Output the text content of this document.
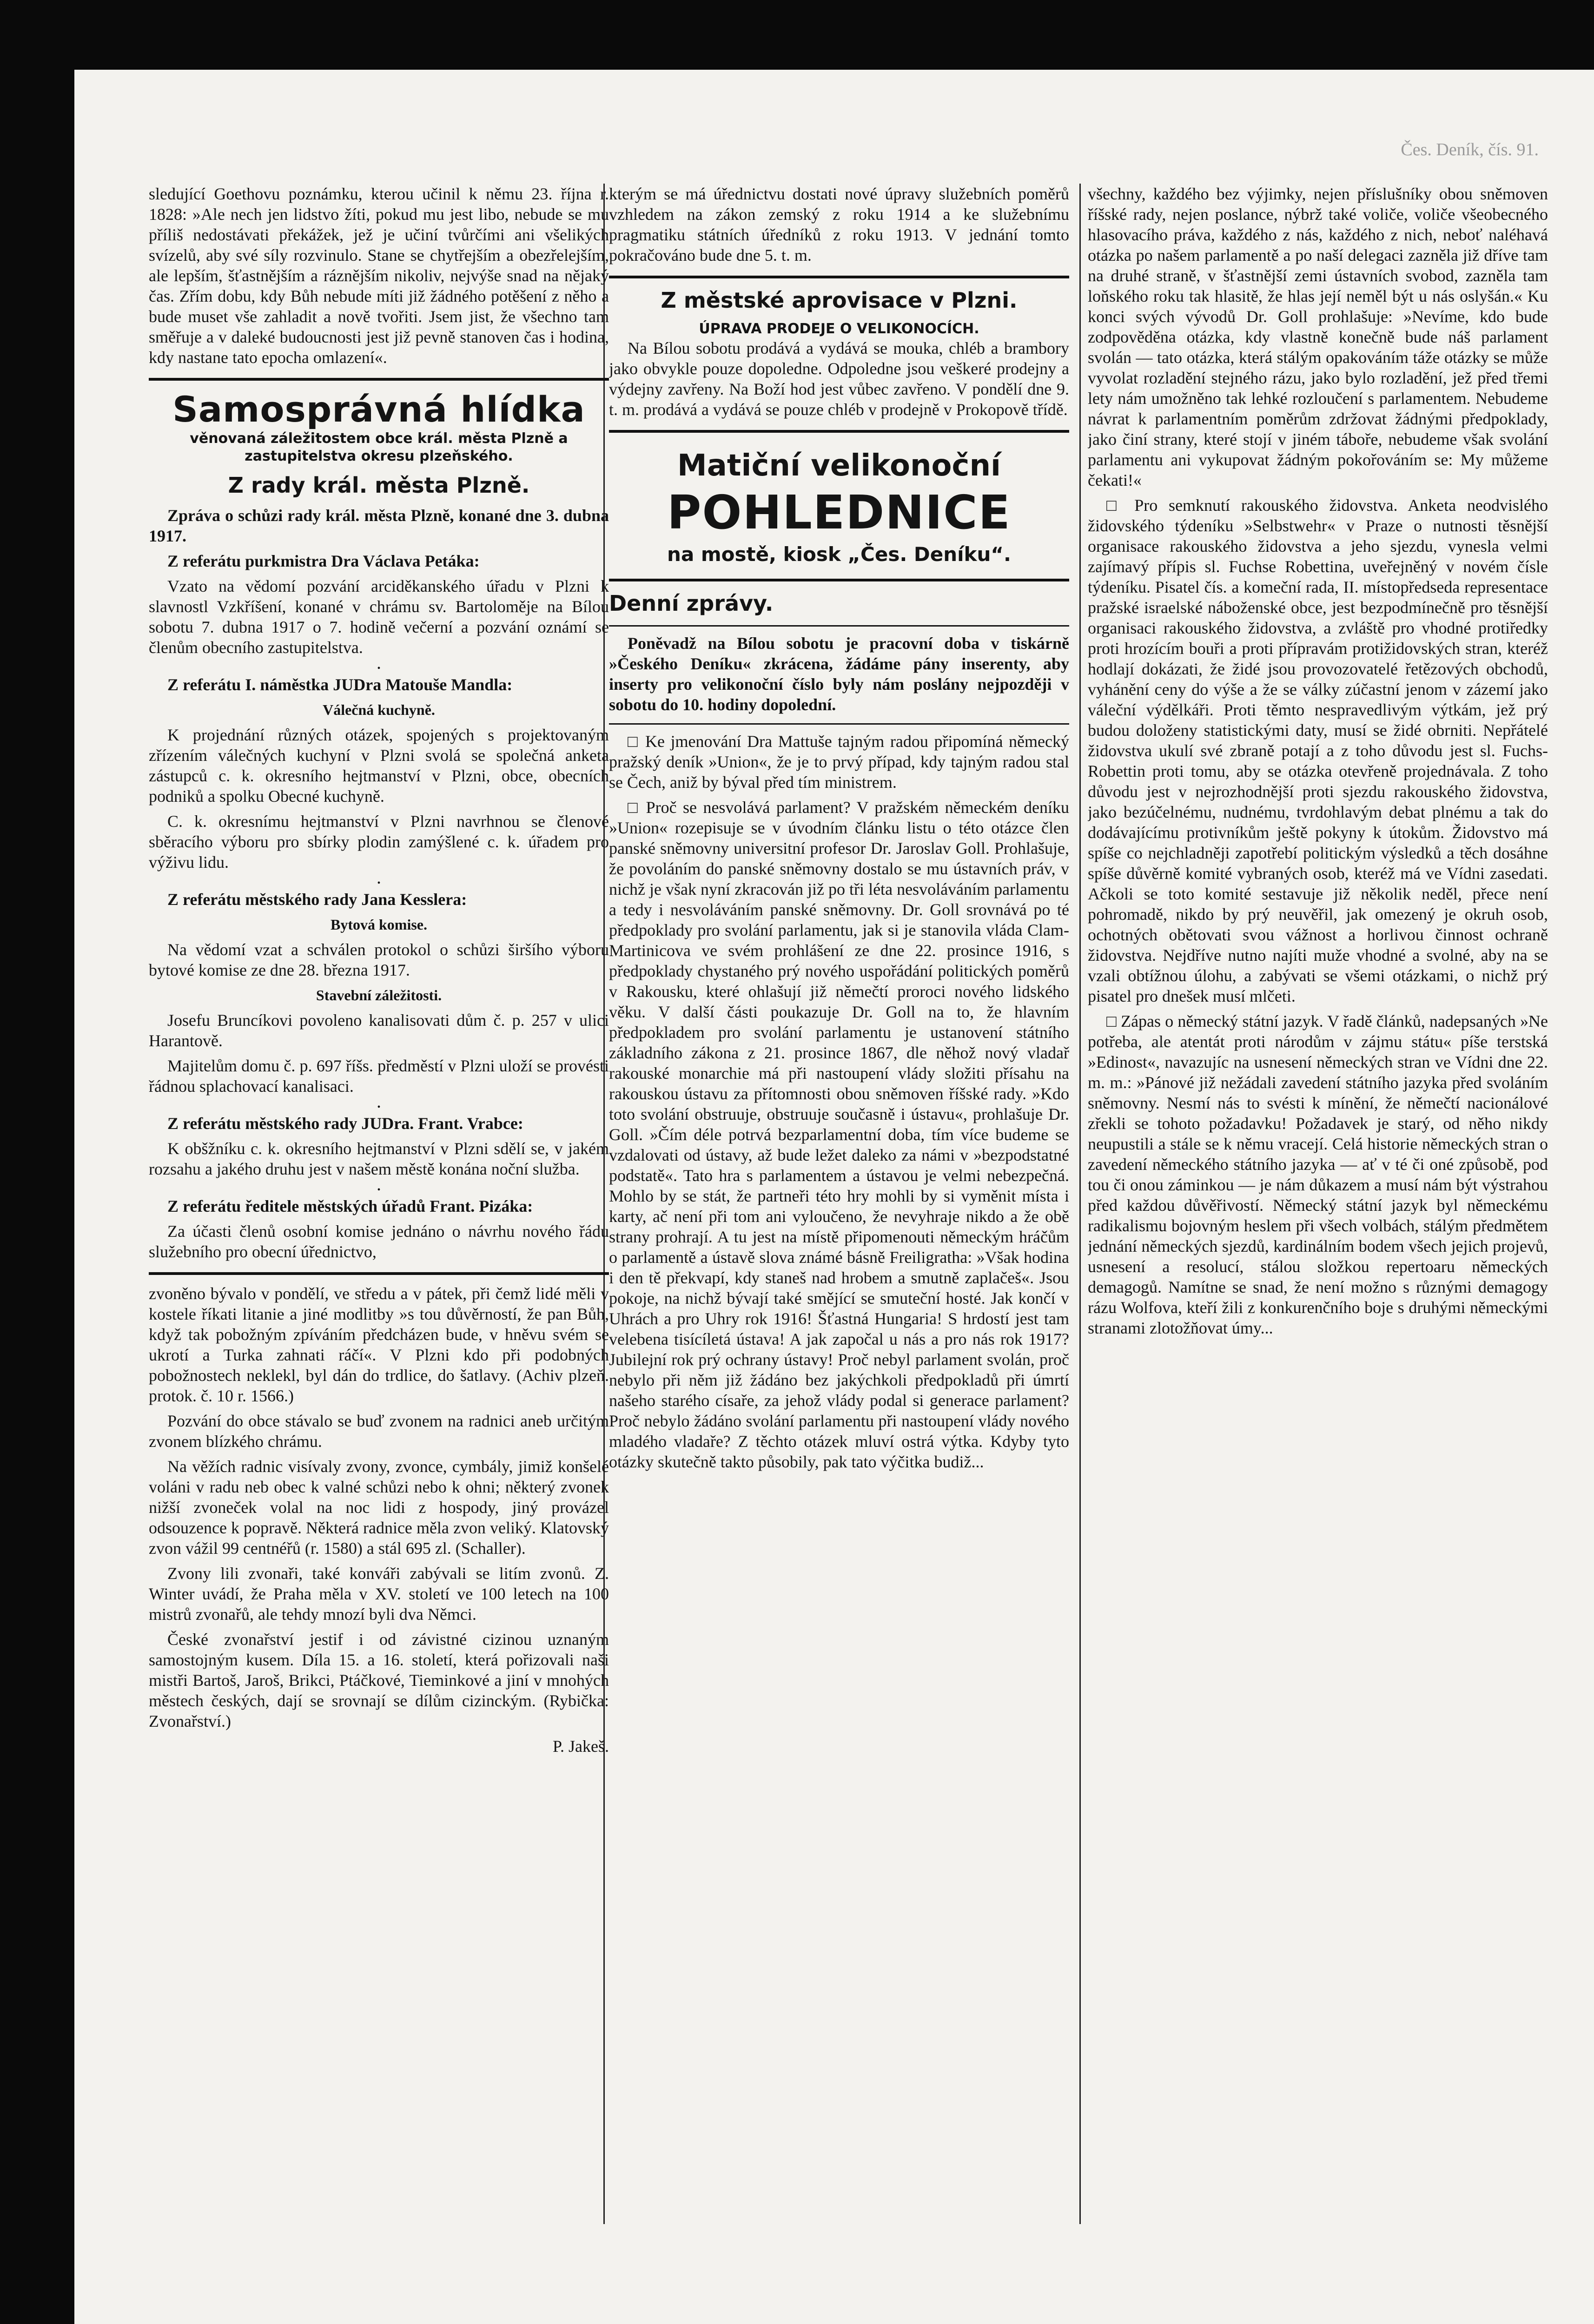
Čes. Deník, čís. 91.

sledující Goethovu poznámku, kterou učinil k němu 23. října r. 1828: »Ale nech jen lidstvo žíti, pokud mu jest libo, nebude se mu příliš nedostávati překážek, jež je učiní tvůrčími ani všelikých svízelů, aby své síly rozvinulo. Stane se chytřejším a obezřelejším, ale lepším, šťastnějším a ráznějším nikoliv, nejvýše snad na nějaký čas. Zřím dobu, kdy Bůh nebude míti již žádného potěšení z něho a bude muset vše zahladit a nově tvořiti. Jsem jist, že všechno tam směřuje a v daleké budoucnosti jest již pevně stanoven čas i hodina, kdy nastane tato epocha omlazení«.

Samosprávná hlídka
věnovaná záležitostem obce král. města Plzně a zastupitelstva okresu plzeňského.
Z rady král. města Plzně.

Zpráva o schůzi rady král. města Plzně, konané dne 3. dubna 1917.

Z referátu purkmistra Dra Václava Petáka:

Vzato na vědomí pozvání arciděkanského úřadu v Plzni k slavnostl Vzkříšení, konané v chrámu sv. Bartoloměje na Bílou sobotu 7. dubna 1917 o 7. hodině večerní a pozvání oznámí se členům obecního zastupitelstva.

•

Z referátu I. náměstka JUDra Matouše Mandla:

Válečná kuchyně.

K projednání různých otázek, spojených s projektovaným zřízením válečných kuchyní v Plzni svolá se společná anketa zástupců c. k. okresního hejtmanství v Plzni, obce, obecních podniků a spolku Obecné kuchyně.

C. k. okresnímu hejtmanství v Plzni navrhnou se členové sběracího výboru pro sbírky plodin zamýšlené c. k. úřadem pro výživu lidu.

•

Z referátu městského rady Jana Kesslera:

Bytová komise.

Na vědomí vzat a schválen protokol o schůzi širšího výboru bytové komise ze dne 28. března 1917.

Stavební záležitosti.

Josefu Bruncíkovi povoleno kanalisovati dům č. p. 257 v ulici Harantově.

Majitelům domu č. p. 697 říšs. předměstí v Plzni uloží se provésti řádnou splachovací kanalisaci.

•

Z referátu městského rady JUDra. Frant. Vrabce:

K obšžníku c. k. okresního hejtmanství v Plzni sdělí se, v jakém rozsahu a jakého druhu jest v našem městě konána noční služba.

•

Z referátu ředitele městských úřadů Frant. Pizáka:

Za účasti členů osobní komise jednáno o návrhu nového řádu služebního pro obecní úřednictvo,

zvoněno bývalo v pondělí, ve středu a v pátek, při čemž lidé měli v kostele říkati litanie a jiné modlitby »s tou důvěrností, že pan Bůh, když tak pobožným zpíváním předcházen bude, v hněvu svém se ukrotí a Turka zahnati ráčí«. V Plzni kdo při podobných pobožnostech neklekl, byl dán do trdlice, do šatlavy. (Achiv plzeň. protok. č. 10 r. 1566.)

Pozvání do obce stávalo se buď zvonem na radnici aneb určitým zvonem blízkého chrámu.

Na věžích radnic visívaly zvony, zvonce, cymbály, jimiž konšelé voláni v radu neb obec k valné schůzi nebo k ohni; některý zvonek nižší zvoneček volal na noc lidi z hospody, jiný provázel odsouzence k popravě. Některá radnice měla zvon veliký. Klatovský zvon vážil 99 centnéřů (r. 1580) a stál 695 zl. (Schaller).

Zvony lili zvonaři, také konváři zabývali se litím zvonů. Z. Winter uvádí, že Praha měla v XV. století ve 100 letech na 100 mistrů zvonařů, ale tehdy mnozí byli dva Němci.

České zvonařství jestif i od závistné cizinou uznaným samostojným kusem. Díla 15. a 16. století, která pořizovali naši mistři Bartoš, Jaroš, Brikci, Ptáčkové, Tieminkové a jiní v mnohých městech českých, dají se srovnají se dílům cizinckým. (Rybička: Zvonařství.)

P. Jakeš.

kterým se má úřednictvu dostati nové úpravy služebních poměrů vzhledem na zákon zemský z roku 1914 a ke služebnímu pragmatiku státních úředníků z roku 1913. V jednání tomto pokračováno bude dne 5. t. m.

Z městské aprovisace v Plzni.
ÚPRAVA PRODEJE O VELIKONOCÍCH.

Na Bílou sobotu prodává a vydává se mouka, chléb a brambory jako obvykle pouze dopoledne. Odpoledne jsou veškeré prodejny a výdejny zavřeny. Na Boží hod jest vůbec zavřeno. V pondělí dne 9. t. m. prodává a vydává se pouze chléb v prodejně v Prokopově třídě.

Matiční velikonoční
POHLEDNICE
na mostě, kiosk „Čes. Deníku“.
Denní zprávy.

Poněvadž na Bílou sobotu je pracovní doba v tiskárně »Českého Deníku« zkrácena, žádáme pány inserenty, aby inserty pro velikonoční číslo byly nám poslány nejpozději v sobotu do 10. hodiny dopolední.

□ Ke jmenování Dra Mattuše tajným radou připomíná německý pražský deník »Union«, že je to prvý případ, kdy tajným radou stal se Čech, aniž by býval před tím ministrem.

□ Proč se nesvolává parlament? V pražském německém deníku »Union« rozepisuje se v úvodním článku listu o této otázce člen panské sněmovny universitní profesor Dr. Jaroslav Goll. Prohlašuje, že povoláním do panské sněmovny dostalo se mu ústavních práv, v nichž je však nyní zkracován již po tři léta nesvoláváním parlamentu a tedy i nesvoláváním panské sněmovny. Dr. Goll srovnává po té předpoklady pro svolání parlamentu, jak si je stanovila vláda Clam-Martinicova ve svém prohlášení ze dne 22. prosince 1916, s předpoklady chystaného prý nového uspořádání politických poměrů v Rakousku, které ohlašují již němečtí proroci nového lidského věku. V další části poukazuje Dr. Goll na to, že hlavním předpokladem pro svolání parlamentu je ustanovení státního základního zákona z 21. prosince 1867, dle něhož nový vladař rakouské monarchie má při nastoupení vlády složiti přísahu na rakouskou ústavu za přítomnosti obou sněmoven říšské rady. »Kdo toto svolání obstruuje, obstruuje současně i ústavu«, prohlašuje Dr. Goll. »Čím déle potrvá bezparlamentní doba, tím více budeme se vzdalovati od ústavy, až bude ležet daleko za námi v »bezpodstatné podstatě«. Tato hra s parlamentem a ústavou je velmi nebezpečná. Mohlo by se stát, že partneři této hry mohli by si vyměnit místa i karty, ač není při tom ani vyloučeno, že nevyhraje nikdo a že obě strany prohrají. A tu jest na místě připomenouti německým hráčům o parlamentě a ústavě slova známé básně Freiligratha: »Však hodina i den tě překvapí, kdy staneš nad hrobem a smutně zaplačeš«. Jsou pokoje, na nichž bývají také smějící se smuteční hosté. Jak končí v Uhrách a pro Uhry rok 1916! Šťastná Hungaria! S hrdostí jest tam velebena tisícíletá ústava! A jak započal u nás a pro nás rok 1917? Jubilejní rok prý ochrany ústavy! Proč nebyl parlament svolán, proč nebylo při něm již žádáno bez jakýchkoli předpokladů při úmrtí našeho starého císaře, za jehož vlády podal si generace parlament? Proč nebylo žádáno svolání parlamentu při nastoupení vlády nového mladého vladaře? Z těchto otázek mluví ostrá výtka. Kdyby tyto otázky skutečně takto působily, pak tato výčitka budiž...

všechny, každého bez výjimky, nejen příslušníky obou sněmoven říšské rady, nejen poslance, nýbrž také voliče, voliče všeobecného hlasovacího práva, každého z nás, každého z nich, neboť naléhavá otázka po našem parlamentě a po naší delegaci zazněla již dříve tam na druhé straně, v šťastnější zemi ústavních svobod, zazněla tam loňského roku tak hlasitě, že hlas její neměl být u nás oslyšán.« Ku konci svých vývodů Dr. Goll prohlašuje: »Nevíme, kdo bude zodpověděna otázka, kdy vlastně konečně bude náš parlament svolán — tato otázka, která stálým opakováním táže otázky se může vyvolat rozladění stejného rázu, jako bylo rozladění, jež před třemi lety nám umožněno tak lehké rozloučení s parlamentem. Nebudeme návrat k parlamentním poměrům zdržovat žádnými předpoklady, jako činí strany, které stojí v jiném táboře, nebudeme však svolání parlamentu ani vykupovat žádným pokořováním se: My můžeme čekati!«

□ Pro semknutí rakouského židovstva. Anketa neodvislého židovského týdeníku »Selbstwehr« v Praze o nutnosti těsnější organisace rakouského židovstva a jeho sjezdu, vynesla velmi zajímavý přípis sl. Fuchse Robettina, uveřejněný v novém čísle týdeníku. Pisatel čís. a komeční rada, II. místopředseda representace pražské israelské náboženské obce, jest bezpodmínečně pro těsnější organisaci rakouského židovstva, a zvláště pro vhodné protiředky proti hrozícím bouři a proti přípravám protižidovských stran, kteréž hodlají dokázati, že židé jsou provozovatelé řetězových obchodů, vyhánění ceny do výše a že se války zúčastní jenom v zázemí jako váleční výdělkáři. Proti těmto nespravedlivým výtkám, jež prý budou doloženy statistickými daty, musí se židé obrniti. Nepřátelé židovstva ukulí své zbraně potají a z toho důvodu jest sl. Fuchs-Robettin proti tomu, aby se otázka otevřeně projednávala. Z toho důvodu jest v nejrozhodnější proti sjezdu rakouského židovstva, jako bezúčelnému, nudnému, tvrdohlavým debat plnému a tak do dodávajícímu protivníkům ještě pokyny k útokům. Židovstvo má spíše co nejchladněji zapotřebí politickým výsledků a těch dosáhne spíše důvěrně komité vybraných osob, kteréž má ve Vídni zasedati. Ačkoli se toto komité sestavuje již několik neděl, přece není pohromadě, nikdo by prý neuvěřil, jak omezený je okruh osob, ochotných obětovati svou vážnost a horlivou činnost ochraně židovstva. Nejdříve nutno najíti muže vhodné a svolné, aby na se vzali obtížnou úlohu, a zabývati se všemi otázkami, o nichž prý pisatel pro dnešek musí mlčeti.

□ Zápas o německý státní jazyk. V řadě článků, nadepsaných »Ne potřeba, ale atentát proti národům v zájmu státu« píše terstská »Edinost«, navazujíc na usnesení německých stran ve Vídni dne 22. m. m.: »Pánové již nežádali zavedení státního jazyka před svoláním sněmovny. Nesmí nás to svésti k mínění, že němečtí nacionálové zřekli se tohoto požadavku! Požadavek je starý, od něho nikdy neupustili a stále se k němu vracejí. Celá historie německých stran o zavedení německého státního jazyka — ať v té či oné způsobě, pod tou či onou záminkou — je nám důkazem a musí nám být výstrahou před každou důvěřivostí. Německý státní jazyk byl německému radikalismu bojovným heslem při všech volbách, stálým předmětem jednání německých sjezdů, kardinálním bodem všech jejich projevů, usnesení a resolucí, stálou složkou repertoaru německých demagogů. Namítne se snad, že není možno s různými demagogy rázu Wolfova, kteří žili z konkurenčního boje s druhými německými stranami zlotožňovat úmy...
